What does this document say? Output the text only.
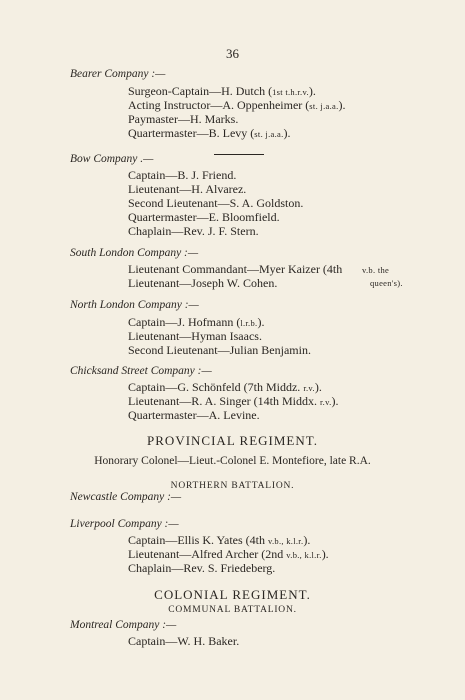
36
Bearer Company :—
Surgeon-Captain—H. Dutch (1st t.h.r.v.).
Acting Instructor—A. Oppenheimer (st. j.a.a.).
Paymaster—H. Marks.
Quartermaster—B. Levy (st. j.a.a.).
Bow Company .—
Captain—B. J. Friend.
Lieutenant—H. Alvarez.
Second Lieutenant—S. A. Goldston.
Quartermaster—E. Bloomfield.
Chaplain—Rev. J. F. Stern.
South London Company :—
Lieutenant Commandant—Myer Kaizer (4th v.b. the
Lieutenant—Joseph W. Cohen.	queen's).
North London Company :—
Captain—J. Hofmann (l.r.b.).
Lieutenant—Hyman Isaacs.
Second Lieutenant—Julian Benjamin.
Chicksand Street Company :—
Captain—G. Schönfeld (7th Middz. r.v.).
Lieutenant—R. A. Singer (14th Middx. r.v.).
Quartermaster—A. Levine.
PROVINCIAL REGIMENT.
Honorary Colonel—Lieut.-Colonel E. Montefiore, late R.A.
NORTHERN BATTALION.
Newcastle Company :—
Liverpool Company :—
Captain—Ellis K. Yates (4th v.b., k.l.r.).
Lieutenant—Alfred Archer (2nd v.b., k.l.r.).
Chaplain—Rev. S. Friedeberg.
COLONIAL REGIMENT.
COMMUNAL BATTALION.
Montreal Company :—
Captain—W. H. Baker.
